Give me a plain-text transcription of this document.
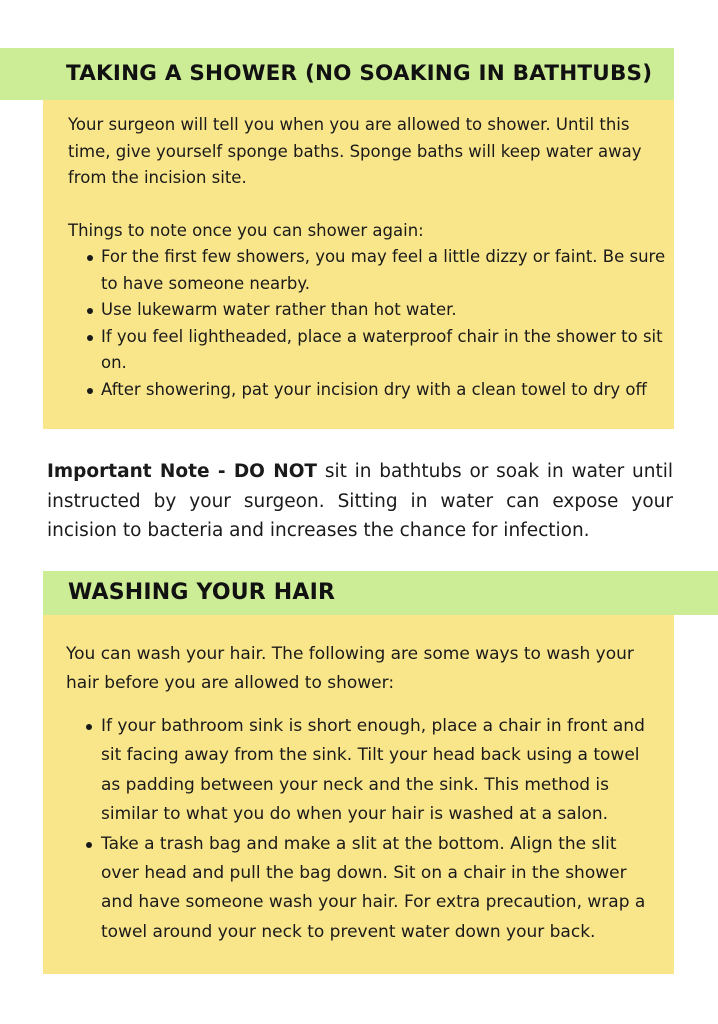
TAKING A SHOWER (NO SOAKING IN BATHTUBS)

Your surgeon will tell you when you are allowed to shower. Until this time, give yourself sponge baths. Sponge baths will keep water away from the incision site.

Things to note once you can shower again:

For the first few showers, you may feel a little dizzy or faint. Be sure to have someone nearby.
Use lukewarm water rather than hot water.
If you feel lightheaded, place a waterproof chair in the shower to sit on.
After showering, pat your incision dry with a clean towel to dry off

Important Note - DO NOT sit in bathtubs or soak in water until instructed by your surgeon. Sitting in water can expose your incision to bacteria and increases the chance for infection.

WASHING YOUR HAIR

You can wash your hair. The following are some ways to wash your hair before you are allowed to shower:

If your bathroom sink is short enough, place a chair in front and sit facing away from the sink. Tilt your head back using a towel as padding between your neck and the sink. This method is similar to what you do when your hair is washed at a salon.
Take a trash bag and make a slit at the bottom. Align the slit over head and pull the bag down. Sit on a chair in the shower and have someone wash your hair. For extra precaution, wrap a towel around your neck to prevent water down your back.
